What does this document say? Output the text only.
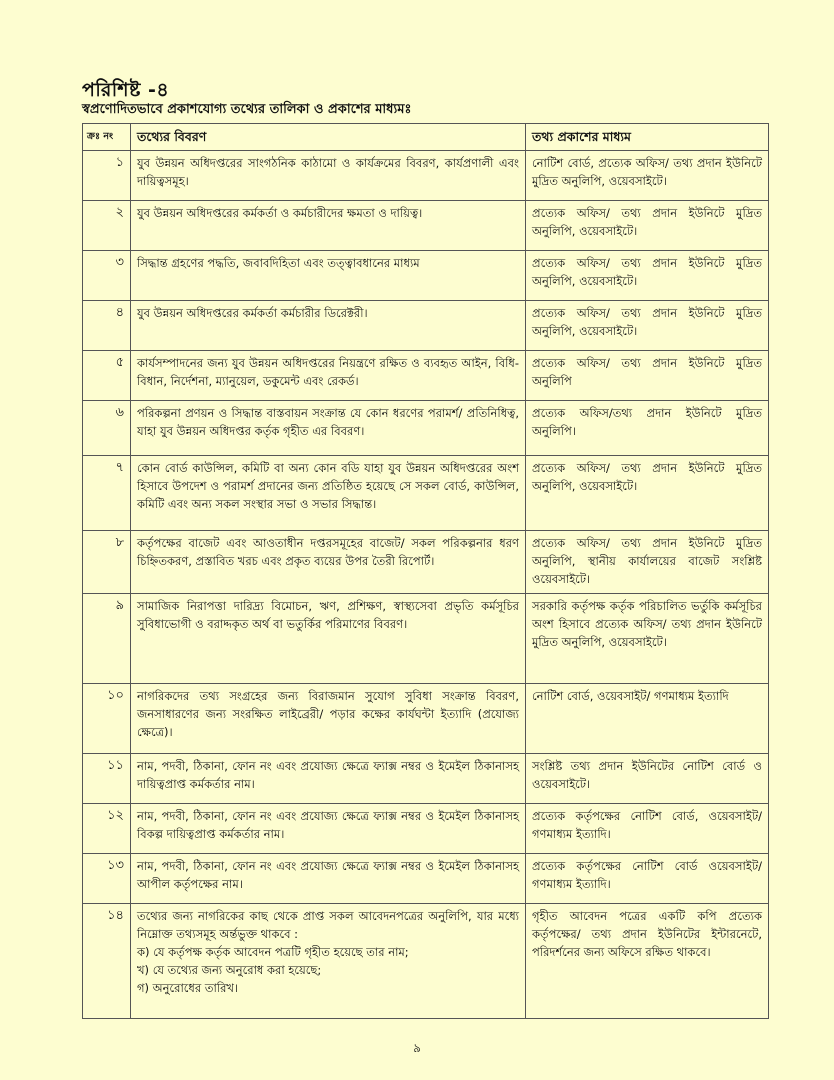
পরিশিষ্ট -৪
স্বপ্রণোদিতভাবে প্রকাশযোগ্য তথ্যের তালিকা ও প্রকাশের মাধ্যমঃ
ক্রঃ নং	তথ্যের বিবরণ	তথ্য প্রকাশের মাধ্যম
১	যুব উন্নয়ন অধিদপ্তরের সাংগঠনিক কাঠামো ও কার্যক্রমের বিবরণ, কার্যপ্রণালী এবং দায়িত্বসমূহ।	নোটিশ বোর্ড, প্রত্যেক অফিস/ তথ্য প্রদান ইউনিটে মুদ্রিত অনুলিপি, ওয়েবসাইটে।
২	যুব উন্নয়ন অধিদপ্তরের কর্মকর্তা ও কর্মচারীদের ক্ষমতা ও দায়িত্ব।	প্রত্যেক অফিস/ তথ্য প্রদান ইউনিটে মুদ্রিত অনুলিপি, ওয়েবসাইটে।
৩	সিদ্ধান্ত গ্রহণের পদ্ধতি, জবাবদিহিতা এবং তত্ত্বাবধানের মাধ্যম	প্রত্যেক অফিস/ তথ্য প্রদান ইউনিটে মুদ্রিত অনুলিপি, ওয়েবসাইটে।
৪	যুব উন্নয়ন অধিদপ্তরের কর্মকর্তা কর্মচারীর ডিরেক্টরী।	প্রত্যেক অফিস/ তথ্য প্রদান ইউনিটে মুদ্রিত অনুলিপি, ওয়েবসাইটে।
৫	কার্যসম্পাদনের জন্য যুব উন্নয়ন অধিদপ্তরের নিয়ন্ত্রণে রক্ষিত ও ব্যবহৃত আইন, বিধি-বিধান, নির্দেশনা, ম্যানুয়েল, ডকুমেন্ট এবং রেকর্ড।	প্রত্যেক অফিস/ তথ্য প্রদান ইউনিটে মুদ্রিত অনুলিপি
৬	পরিকল্পনা প্রণয়ন ও সিদ্ধান্ত বাস্তবায়ন সংক্রান্ত যে কোন ধরণের পরামর্শ/ প্রতিনিধিত্ব, যাহা যুব উন্নয়ন অধিদপ্তর কর্তৃক গৃহীত এর বিবরণ।	প্রত্যেক অফিস/তথ্য প্রদান ইউনিটে মুদ্রিত অনুলিপি।
৭	কোন বোর্ড কাউন্সিল, কমিটি বা অন্য কোন বডি যাহা যুব উন্নয়ন অধিদপ্তরের অংশ হিসাবে উপদেশ ও পরামর্শ প্রদানের জন্য প্রতিষ্ঠিত হয়েছে সে সকল বোর্ড, কাউন্সিল, কমিটি এবং অন্য সকল সংস্থার সভা ও সভার সিদ্ধান্ত।	প্রত্যেক অফিস/ তথ্য প্রদান ইউনিটে মুদ্রিত অনুলিপি, ওয়েবসাইটে।
৮	কর্তৃপক্ষের বাজেট এবং আওতাধীন দপ্তরসমূহের বাজেট/ সকল পরিকল্পনার ধরণ চিহ্নিতকরণ, প্রস্তাবিত খরচ এবং প্রকৃত ব্যয়ের উপর তৈরী রিপোর্ট।	প্রত্যেক অফিস/ তথ্য প্রদান ইউনিটে মুদ্রিত অনুলিপি, স্থানীয় কার্যালয়ের বাজেট সংশ্লিষ্ট ওয়েবসাইটে।
৯	সামাজিক নিরাপত্তা দারিদ্র্য বিমোচন, ঋণ, প্রশিক্ষণ, স্বাস্থ্যসেবা প্রভৃতি কর্মসূচির সুবিধাভোগী ও বরাদ্দকৃত অর্থ বা ভতুর্কির পরিমাণের বিবরণ।	সরকারি কর্তৃপক্ষ কর্তৃক পরিচালিত ভর্তুকি কর্মসূচির অংশ হিসাবে প্রত্যেক অফিস/ তথ্য প্রদান ইউনিটে মুদ্রিত অনুলিপি, ওয়েবসাইটে।
১০	নাগরিকদের তথ্য সংগ্রহের জন্য বিরাজমান সুযোগ সুবিধা সংক্রান্ত বিবরণ, জনসাধারণের জন্য সংরক্ষিত লাইব্রেরী/ পড়ার কক্ষের কার্যঘন্টা ইত্যাদি (প্রযোজ্য ক্ষেত্রে)।	নোটিশ বোর্ড, ওয়েবসাইট/ গণমাধ্যম ইত্যাদি
১১	নাম, পদবী, ঠিকানা, ফোন নং এবং প্রযোজ্য ক্ষেত্রে ফ্যাক্স নম্বর ও ইমেইল ঠিকানাসহ দায়িত্বপ্রাপ্ত কর্মকর্তার নাম।	সংশ্লিষ্ট তথ্য প্রদান ইউনিটের নোটিশ বোর্ড ও ওয়েবসাইটে।
১২	নাম, পদবী, ঠিকানা, ফোন নং এবং প্রযোজ্য ক্ষেত্রে ফ্যাক্স নম্বর ও ইমেইল ঠিকানাসহ বিকল্প দায়িত্বপ্রাপ্ত কর্মকর্তার নাম।	প্রত্যেক কর্তৃপক্ষের নোটিশ বোর্ড, ওয়েবসাইট/ গণমাধ্যম ইত্যাদি।
১৩	নাম, পদবী, ঠিকানা, ফোন নং এবং প্রযোজ্য ক্ষেত্রে ফ্যাক্স নম্বর ও ইমেইল ঠিকানাসহ আপীল কর্তৃপক্ষের নাম।	প্রত্যেক কর্তৃপক্ষের নোটিশ বোর্ড ওয়েবসাইট/গণমাধ্যম ইত্যাদি।
১৪	তথ্যের জন্য নাগরিকের কাছ থেকে প্রাপ্ত সকল আবেদনপত্রের অনুলিপি, যার মধ্যে নিম্নোক্ত তথ্যসমূহ অর্ন্তভুক্ত থাকবে :
ক) যে কর্তৃপক্ষ কর্তৃক আবেদন পত্রটি গৃহীত হয়েছে তার নাম;
খ) যে তথ্যের জন্য অনুরোধ করা হয়েছে;
গ) অনুরোধের তারিখ।	গৃহীত আবেদন পত্রের একটি কপি প্রত্যেক কর্তৃপক্ষের/ তথ্য প্রদান ইউনিটের ইন্টারনেটে, পরিদর্শনের জন্য অফিসে রক্ষিত থাকবে।
৯
